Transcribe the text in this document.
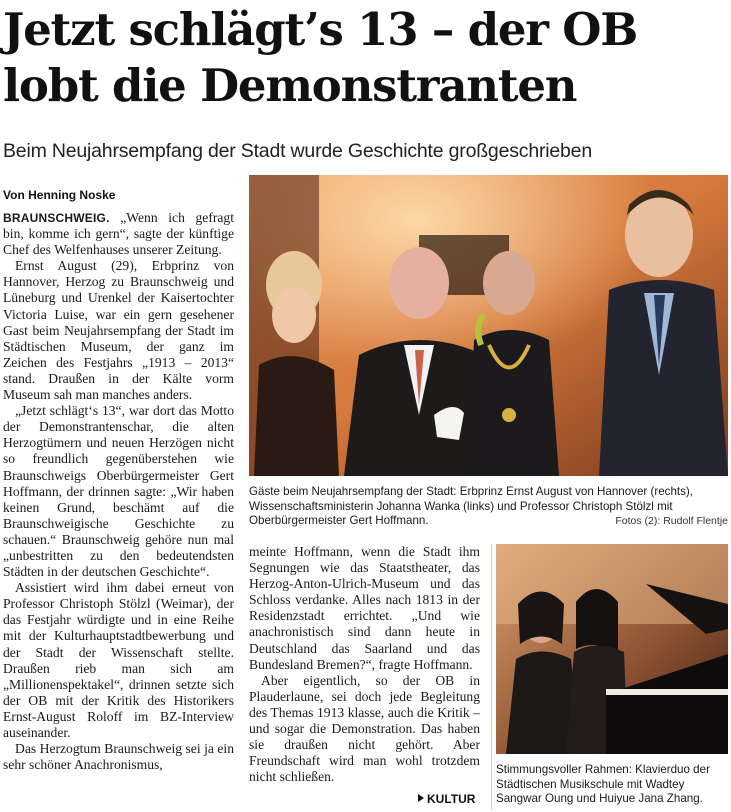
Jetzt schlägt’s 13 – der OB lobt die Demonstranten

Beim Neujahrsempfang der Stadt wurde Geschichte großgeschrieben

Von Henning Noske

BRAUNSCHWEIG. „Wenn ich gefragt bin, komme ich gern“, sagte der künftige Chef des Welfenhauses unserer Zeitung.

Ernst August (29), Erbprinz von Hannover, Herzog zu Braunschweig und Lüneburg und Urenkel der Kaisertochter Victoria Luise, war ein gern gesehener Gast beim Neujahrsempfang der Stadt im Städtischen Museum, der ganz im Zeichen des Festjahrs „1913 – 2013“ stand. Draußen in der Kälte vorm Museum sah man manches anders.

„Jetzt schlägt‘s 13“, war dort das Motto der Demonstrantenschar, die alten Herzogtümern und neuen Herzögen nicht so freundlich gegenüberstehen wie Braunschweigs Oberbürgermeister Gert Hoffmann, der drinnen sagte: „Wir haben keinen Grund, beschämt auf die Braunschweigische Geschichte zu schauen.“ Braunschweig gehöre nun mal „unbestritten zu den bedeutendsten Städten in der deutschen Geschichte“.

Assistiert wird ihm dabei erneut von Professor Christoph Stölzl (Weimar), der das Festjahr würdigte und in eine Reihe mit der Kulturhauptstadtbewerbung und der Stadt der Wissenschaft stellte. Draußen rieb man sich am „Millionenspektakel“, drinnen setzte sich der OB mit der Kritik des Historikers Ernst-August Roloff im BZ-Interview auseinander.

Das Herzogtum Braunschweig sei ja ein sehr schöner Anachronismus,

Gäste beim Neujahrsempfang der Stadt: Erbprinz Ernst August von Hannover (rechts), Wissenschaftsministerin Johanna Wanka (links) und Professor Christoph Stölzl mit Oberbürgermeister Gert Hoffmann.	Fotos (2): Rudolf Flentje

meinte Hoffmann, wenn die Stadt ihm Segnungen wie das Staatstheater, das Herzog-Anton-Ulrich-Museum und das Schloss verdanke. Alles nach 1813 in der Residenzstadt errichtet. „Und wie anachronistisch sind dann heute in Deutschland das Saarland und das Bundesland Bremen?“, fragte Hoffmann.

Aber eigentlich, so der OB in Plauderlaune, sei doch jede Begleitung des Themas 1913 klasse, auch die Kritik – und sogar die Demonstration. Das haben sie draußen nicht gehört. Aber Freundschaft wird man wohl trotzdem nicht schließen.

KULTUR
Stimmungsvoller Rahmen: Klavierduo der Städtischen Musikschule mit Wadtey Sangwar Oung und Huiyue Jana Zhang.
